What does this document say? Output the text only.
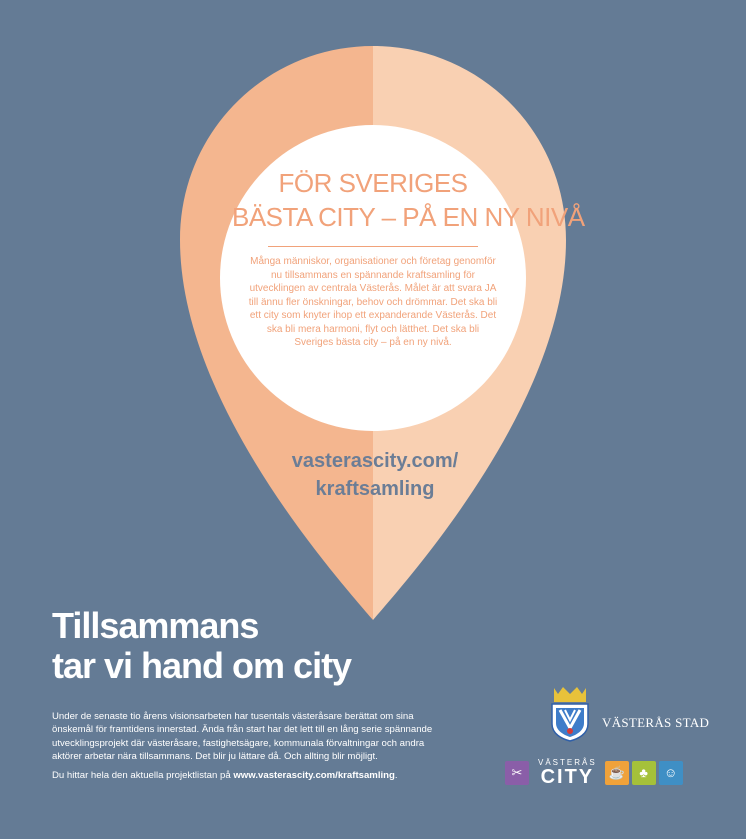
FÖR SVERIGES
BÄSTA CITY – PÅ EN NY NIVÅ
Många människor, organisationer och företag genomför nu tillsammans en spännande kraftsamling för utvecklingen av centrala Västerås. Målet är att svara JA till ännu fler önskningar, behov och drömmar. Det ska bli ett city som knyter ihop ett expanderande Västerås. Det ska bli mera harmoni, flyt och lätthet. Det ska bli Sveriges bästa city – på en ny nivå.
vasterascity.com/
kraftsamling
Tillsammans
tar vi hand om city

Under de senaste tio årens visionsarbeten har tusentals västeråsare berättat om sina önskemål för framtidens innerstad. Ända från start har det lett till en lång serie spännande utvecklingsprojekt där västeråsare, fastighetsägare, kommunala förvaltningar och andra aktörer arbetar nära tillsammans. Det blir ju lättare då. Och allting blir möjligt.

Du hittar hela den aktuella projektlistan på www.vasterascity.com/kraftsamling.

VÄSTERÅS STAD
✂
VÄSTERÅS
CITY	☕	♣	☺
